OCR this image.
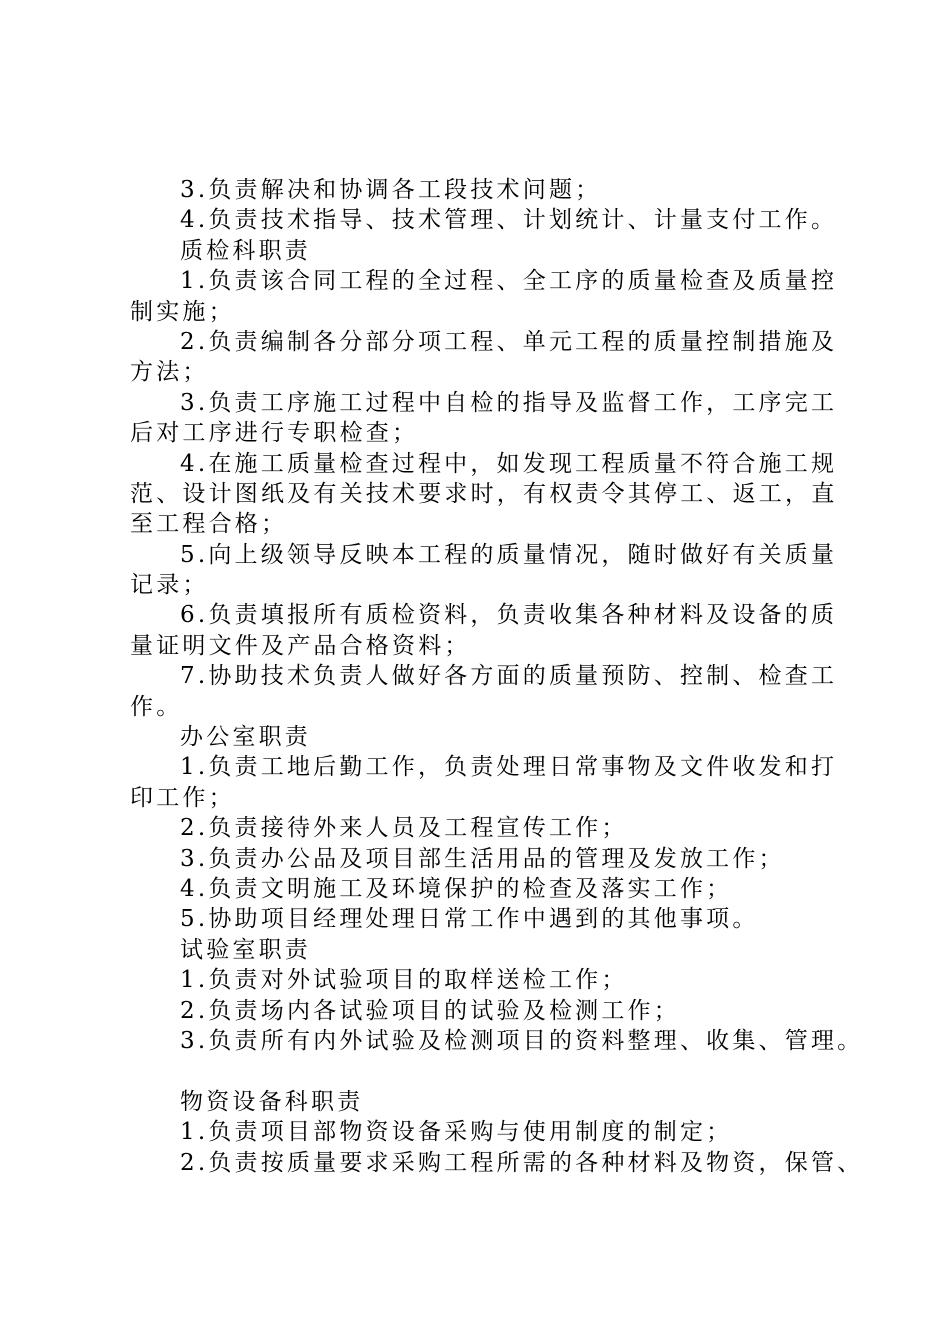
3.负责解决和协调各工段技术问题；
4.负责技术指导、技术管理、计划统计、计量支付工作。
质检科职责
1.负责该合同工程的全过程、全工序的质量检查及质量控
制实施；
2.负责编制各分部分项工程、单元工程的质量控制措施及
方法；
3.负责工序施工过程中自检的指导及监督工作，工序完工
后对工序进行专职检查；
4.在施工质量检查过程中，如发现工程质量不符合施工规
范、设计图纸及有关技术要求时，有权责令其停工、返工，直
至工程合格；
5.向上级领导反映本工程的质量情况，随时做好有关质量
记录；
6.负责填报所有质检资料，负责收集各种材料及设备的质
量证明文件及产品合格资料；
7.协助技术负责人做好各方面的质量预防、控制、检查工
作。
办公室职责
1.负责工地后勤工作，负责处理日常事物及文件收发和打
印工作；
2.负责接待外来人员及工程宣传工作；
3.负责办公品及项目部生活用品的管理及发放工作；
4.负责文明施工及环境保护的检查及落实工作；
5.协助项目经理处理日常工作中遇到的其他事项。
试验室职责
1.负责对外试验项目的取样送检工作；
2.负责场内各试验项目的试验及检测工作；
3.负责所有内外试验及检测项目的资料整理、收集、管理。
物资设备科职责
1.负责项目部物资设备采购与使用制度的制定；
2.负责按质量要求采购工程所需的各种材料及物资，保管、
